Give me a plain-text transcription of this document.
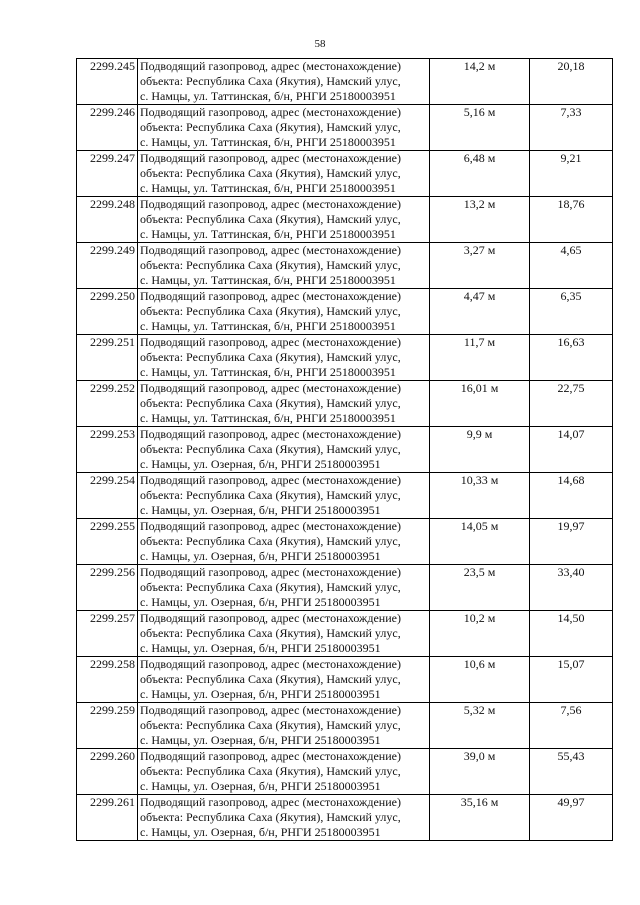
58
2299.245	Подводящий газопровод, адрес (местонахождение)
объекта: Республика Саха (Якутия), Намский улус,
с. Намцы, ул. Таттинская, б/н, РНГИ 25180003951	14,2 м	20,18
2299.246	Подводящий газопровод, адрес (местонахождение)
объекта: Республика Саха (Якутия), Намский улус,
с. Намцы, ул. Таттинская, б/н, РНГИ 25180003951	5,16 м	7,33
2299.247	Подводящий газопровод, адрес (местонахождение)
объекта: Республика Саха (Якутия), Намский улус,
с. Намцы, ул. Таттинская, б/н, РНГИ 25180003951	6,48 м	9,21
2299.248	Подводящий газопровод, адрес (местонахождение)
объекта: Республика Саха (Якутия), Намский улус,
с. Намцы, ул. Таттинская, б/н, РНГИ 25180003951	13,2 м	18,76
2299.249	Подводящий газопровод, адрес (местонахождение)
объекта: Республика Саха (Якутия), Намский улус,
с. Намцы, ул. Таттинская, б/н, РНГИ 25180003951	3,27 м	4,65
2299.250	Подводящий газопровод, адрес (местонахождение)
объекта: Республика Саха (Якутия), Намский улус,
с. Намцы, ул. Таттинская, б/н, РНГИ 25180003951	4,47 м	6,35
2299.251	Подводящий газопровод, адрес (местонахождение)
объекта: Республика Саха (Якутия), Намский улус,
с. Намцы, ул. Таттинская, б/н, РНГИ 25180003951	11,7 м	16,63
2299.252	Подводящий газопровод, адрес (местонахождение)
объекта: Республика Саха (Якутия), Намский улус,
с. Намцы, ул. Таттинская, б/н, РНГИ 25180003951	16,01 м	22,75
2299.253	Подводящий газопровод, адрес (местонахождение)
объекта: Республика Саха (Якутия), Намский улус,
с. Намцы, ул. Озерная, б/н, РНГИ 25180003951	9,9 м	14,07
2299.254	Подводящий газопровод, адрес (местонахождение)
объекта: Республика Саха (Якутия), Намский улус,
с. Намцы, ул. Озерная, б/н, РНГИ 25180003951	10,33 м	14,68
2299.255	Подводящий газопровод, адрес (местонахождение)
объекта: Республика Саха (Якутия), Намский улус,
с. Намцы, ул. Озерная, б/н, РНГИ 25180003951	14,05 м	19,97
2299.256	Подводящий газопровод, адрес (местонахождение)
объекта: Республика Саха (Якутия), Намский улус,
с. Намцы, ул. Озерная, б/н, РНГИ 25180003951	23,5 м	33,40
2299.257	Подводящий газопровод, адрес (местонахождение)
объекта: Республика Саха (Якутия), Намский улус,
с. Намцы, ул. Озерная, б/н, РНГИ 25180003951	10,2 м	14,50
2299.258	Подводящий газопровод, адрес (местонахождение)
объекта: Республика Саха (Якутия), Намский улус,
с. Намцы, ул. Озерная, б/н, РНГИ 25180003951	10,6 м	15,07
2299.259	Подводящий газопровод, адрес (местонахождение)
объекта: Республика Саха (Якутия), Намский улус,
с. Намцы, ул. Озерная, б/н, РНГИ 25180003951	5,32 м	7,56
2299.260	Подводящий газопровод, адрес (местонахождение)
объекта: Республика Саха (Якутия), Намский улус,
с. Намцы, ул. Озерная, б/н, РНГИ 25180003951	39,0 м	55,43
2299.261	Подводящий газопровод, адрес (местонахождение)
объекта: Республика Саха (Якутия), Намский улус,
с. Намцы, ул. Озерная, б/н, РНГИ 25180003951	35,16 м	49,97
